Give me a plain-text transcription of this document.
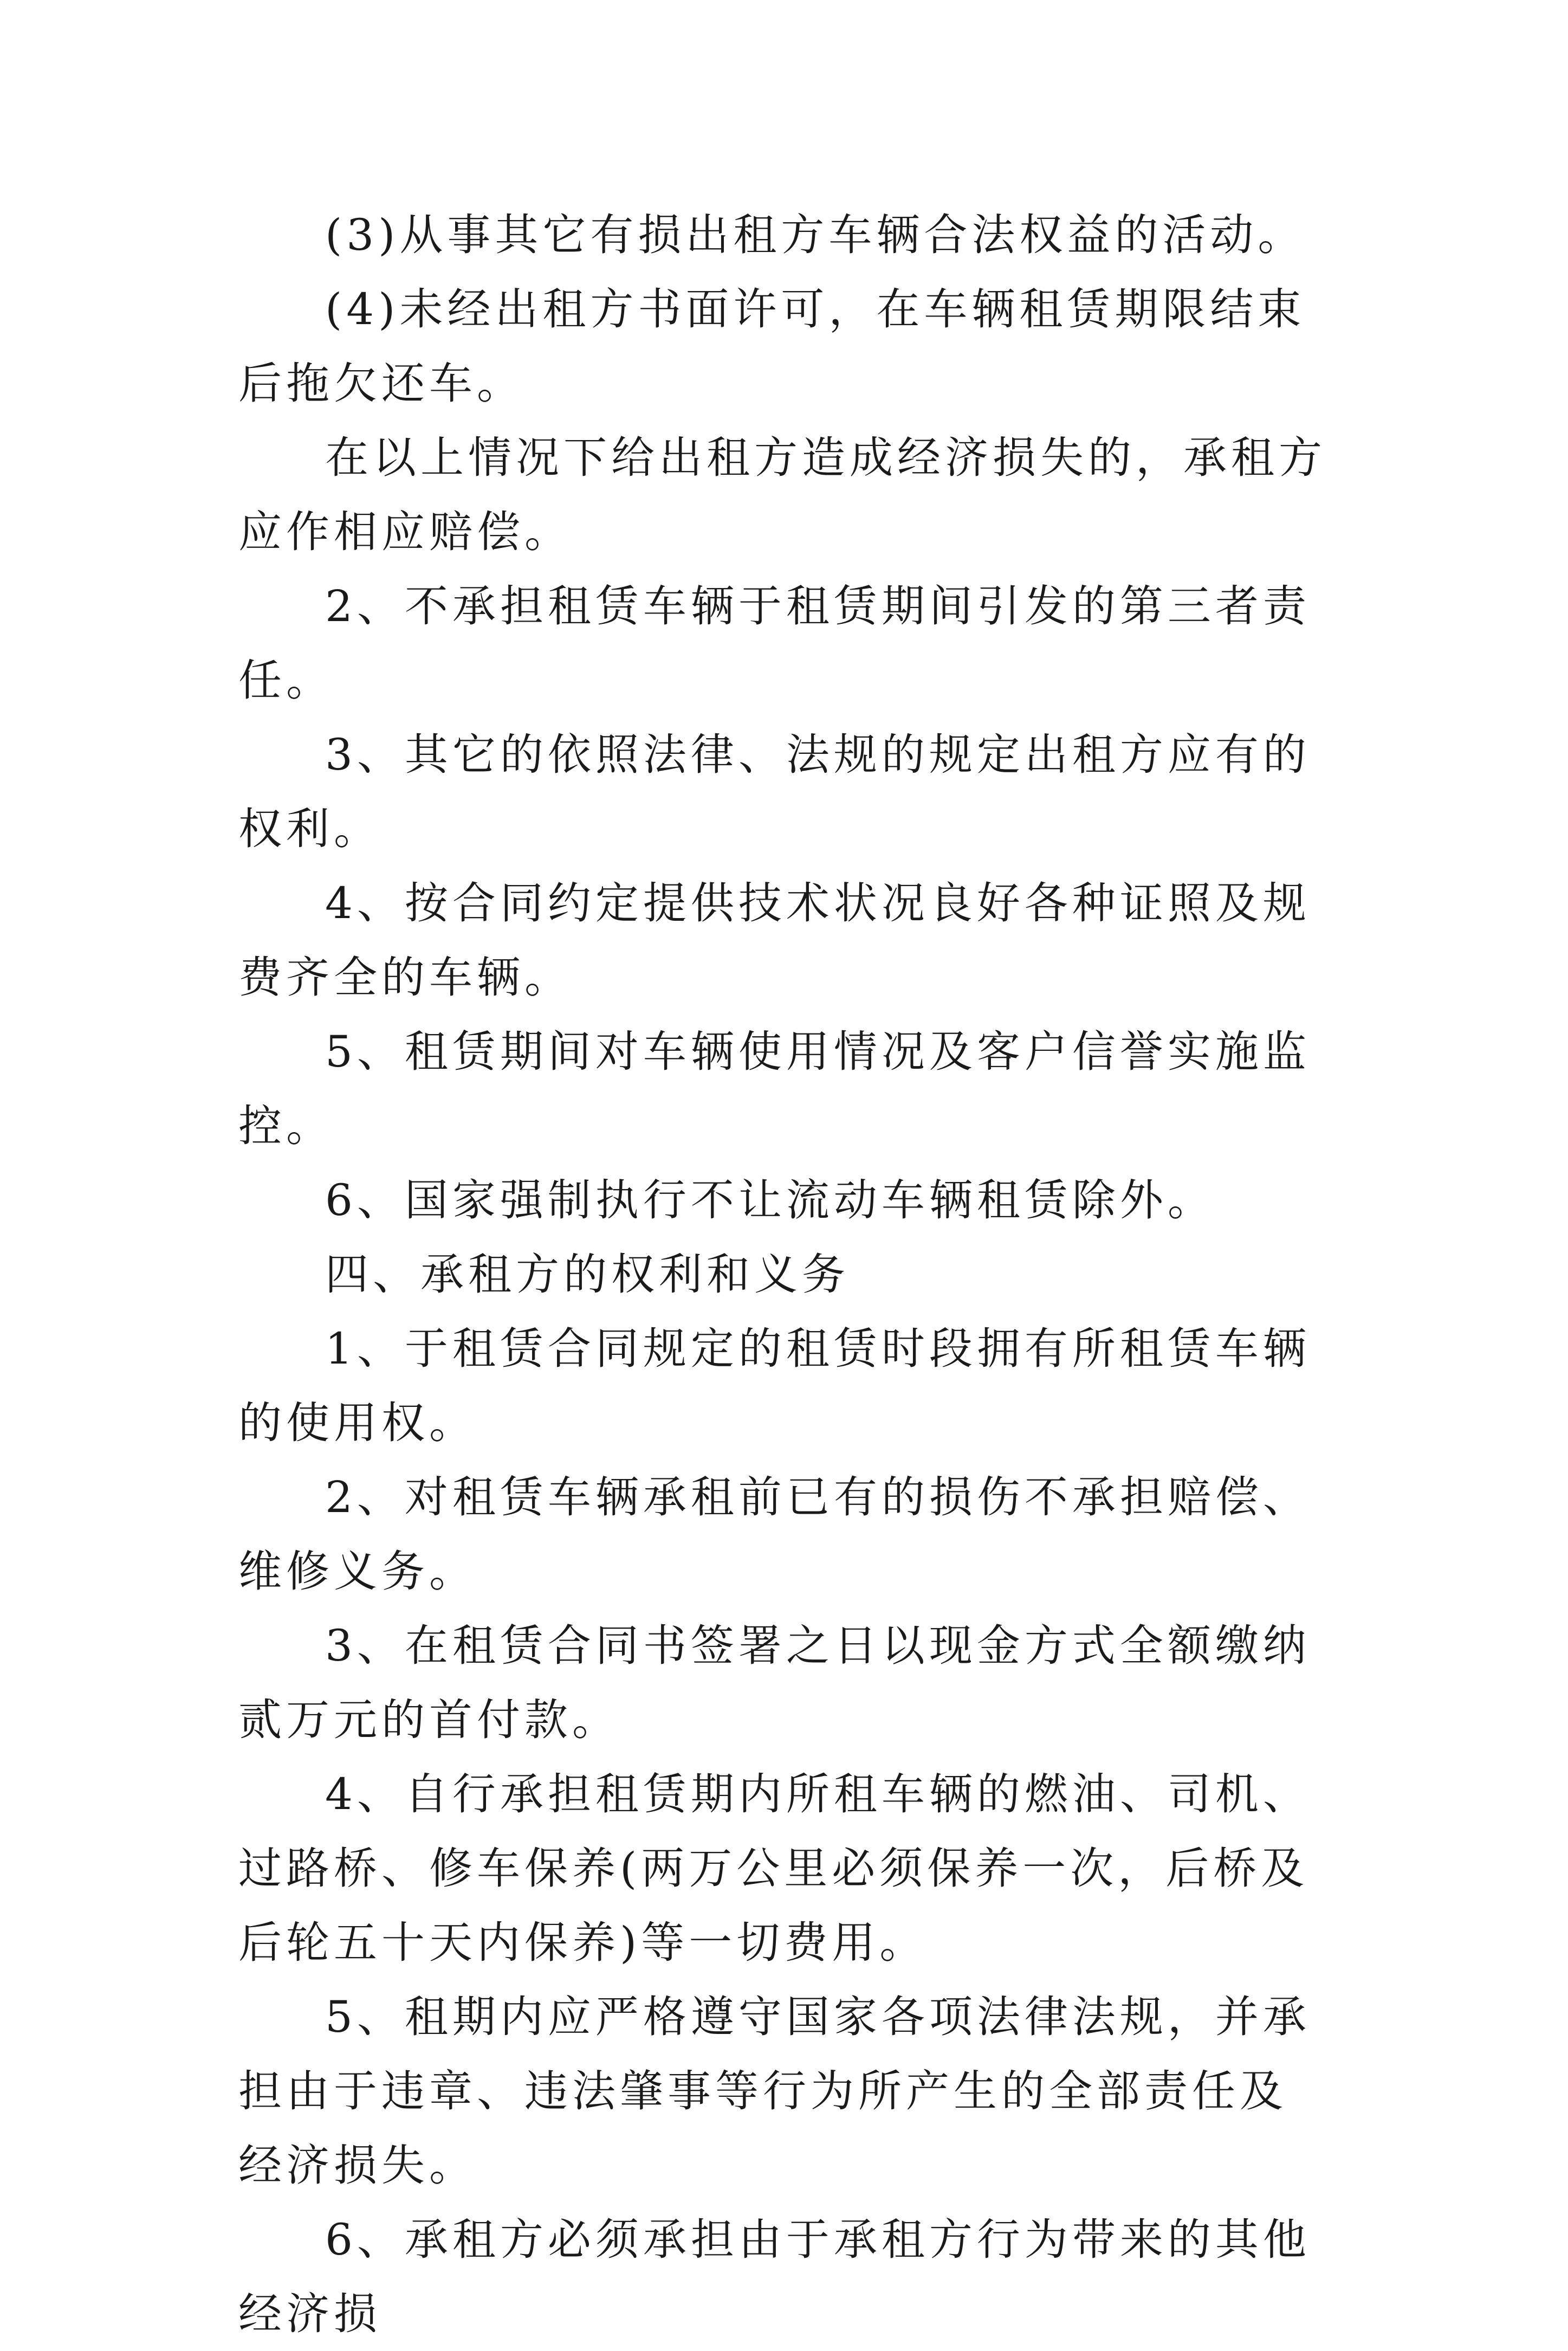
(3)从事其它有损出租方车辆合法权益的活动。

(4)未经出租方书面许可，在车辆租赁期限结束后拖欠还车。

在以上情况下给出租方造成经济损失的，承租方应作相应赔偿。

2、不承担租赁车辆于租赁期间引发的第三者责任。

3、其它的依照法律、法规的规定出租方应有的权利。

4、按合同约定提供技术状况良好各种证照及规费齐全的车辆。

5、租赁期间对车辆使用情况及客户信誉实施监控。

6、国家强制执行不让流动车辆租赁除外。

四、承租方的权利和义务

1、于租赁合同规定的租赁时段拥有所租赁车辆的使用权。

2、对租赁车辆承租前已有的损伤不承担赔偿、维修义务。

3、在租赁合同书签署之日以现金方式全额缴纳贰万元的首付款。

4、自行承担租赁期内所租车辆的燃油、司机、过路桥、修车保养(两万公里必须保养一次，后桥及后轮五十天内保养)等一切费用。

5、租期内应严格遵守国家各项法律法规，并承担由于违章、违法肇事等行为所产生的全部责任及经济损失。

6、承租方必须承担由于承租方行为带来的其他经济损
